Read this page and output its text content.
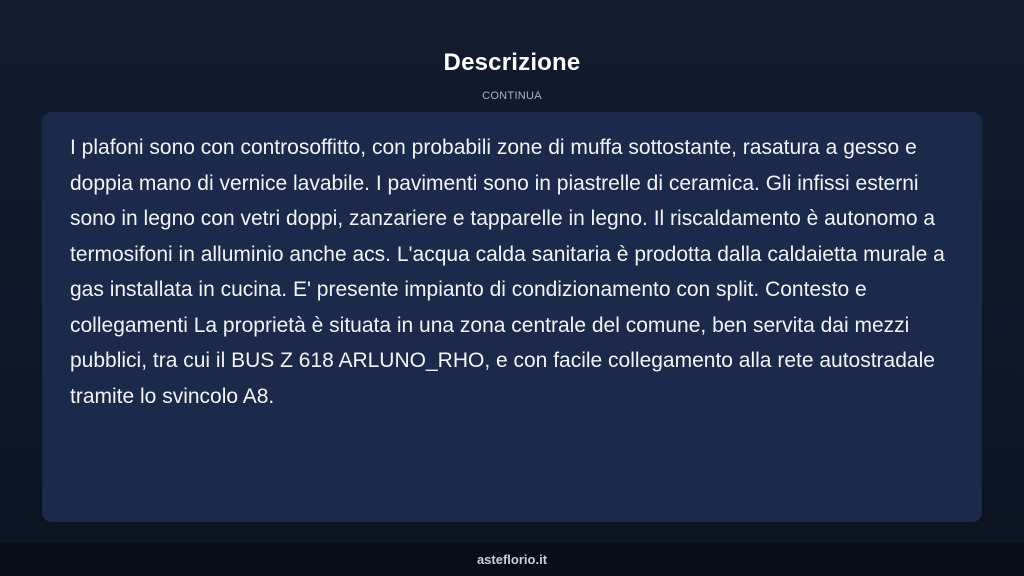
Descrizione
CONTINUA

I plafoni sono con controsoffitto, con probabili zone di muffa sottostante, rasatura a gesso e doppia mano di vernice lavabile. I pavimenti sono in piastrelle di ceramica. Gli infissi esterni sono in legno con vetri doppi, zanzariere e tapparelle in legno. Il riscaldamento è autonomo a termosifoni in alluminio anche acs. L'acqua calda sanitaria è prodotta dalla caldaietta murale a gas installata in cucina. E' presente impianto di condizionamento con split. Contesto e collegamenti La proprietà è situata in una zona centrale del comune, ben servita dai mezzi pubblici, tra cui il BUS Z 618 ARLUNO_RHO, e con facile collegamento alla rete autostradale tramite lo svincolo A8.

asteflorio.it
